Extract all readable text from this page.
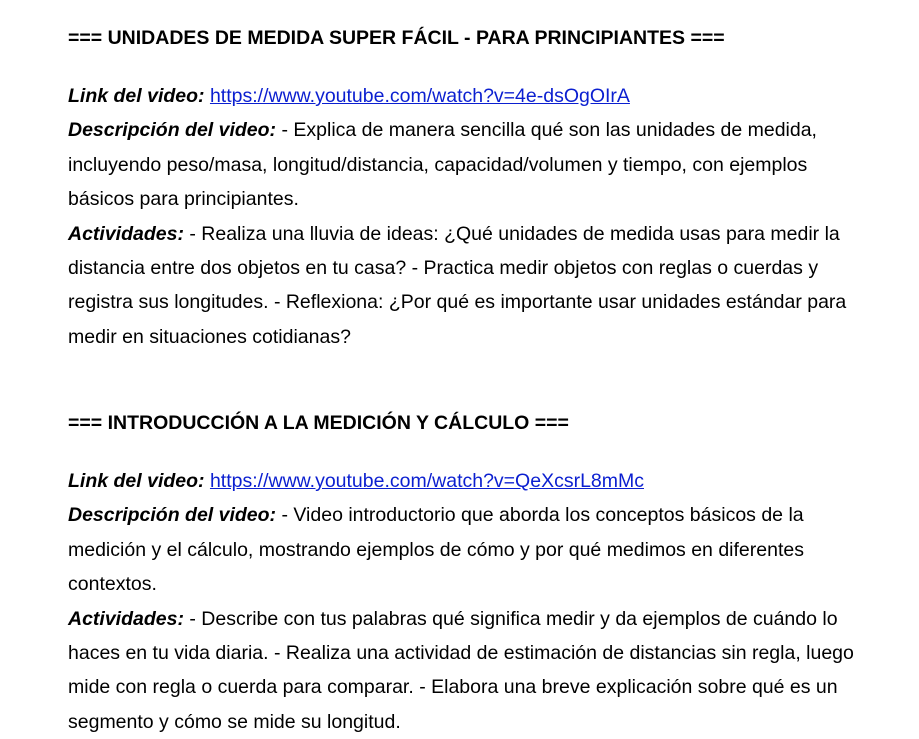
=== UNIDADES DE MEDIDA SUPER FÁCIL - PARA PRINCIPIANTES ===

Link del video: https://www.youtube.com/watch?v=4e-dsOgOIrA

Descripción del video: - Explica de manera sencilla qué son las unidades de medida, incluyendo peso/masa, longitud/distancia, capacidad/volumen y tiempo, con ejemplos básicos para principiantes.

Actividades: - Realiza una lluvia de ideas: ¿Qué unidades de medida usas para medir la distancia entre dos objetos en tu casa? - Practica medir objetos con reglas o cuerdas y registra sus longitudes. - Reflexiona: ¿Por qué es importante usar unidades estándar para medir en situaciones cotidianas?

=== INTRODUCCIÓN A LA MEDICIÓN Y CÁLCULO ===

Link del video: https://www.youtube.com/watch?v=QeXcsrL8mMc

Descripción del video: - Video introductorio que aborda los conceptos básicos de la medición y el cálculo, mostrando ejemplos de cómo y por qué medimos en diferentes contextos.

Actividades: - Describe con tus palabras qué significa medir y da ejemplos de cuándo lo haces en tu vida diaria. - Realiza una actividad de estimación de distancias sin regla, luego mide con regla o cuerda para comparar. - Elabora una breve explicación sobre qué es un segmento y cómo se mide su longitud.
